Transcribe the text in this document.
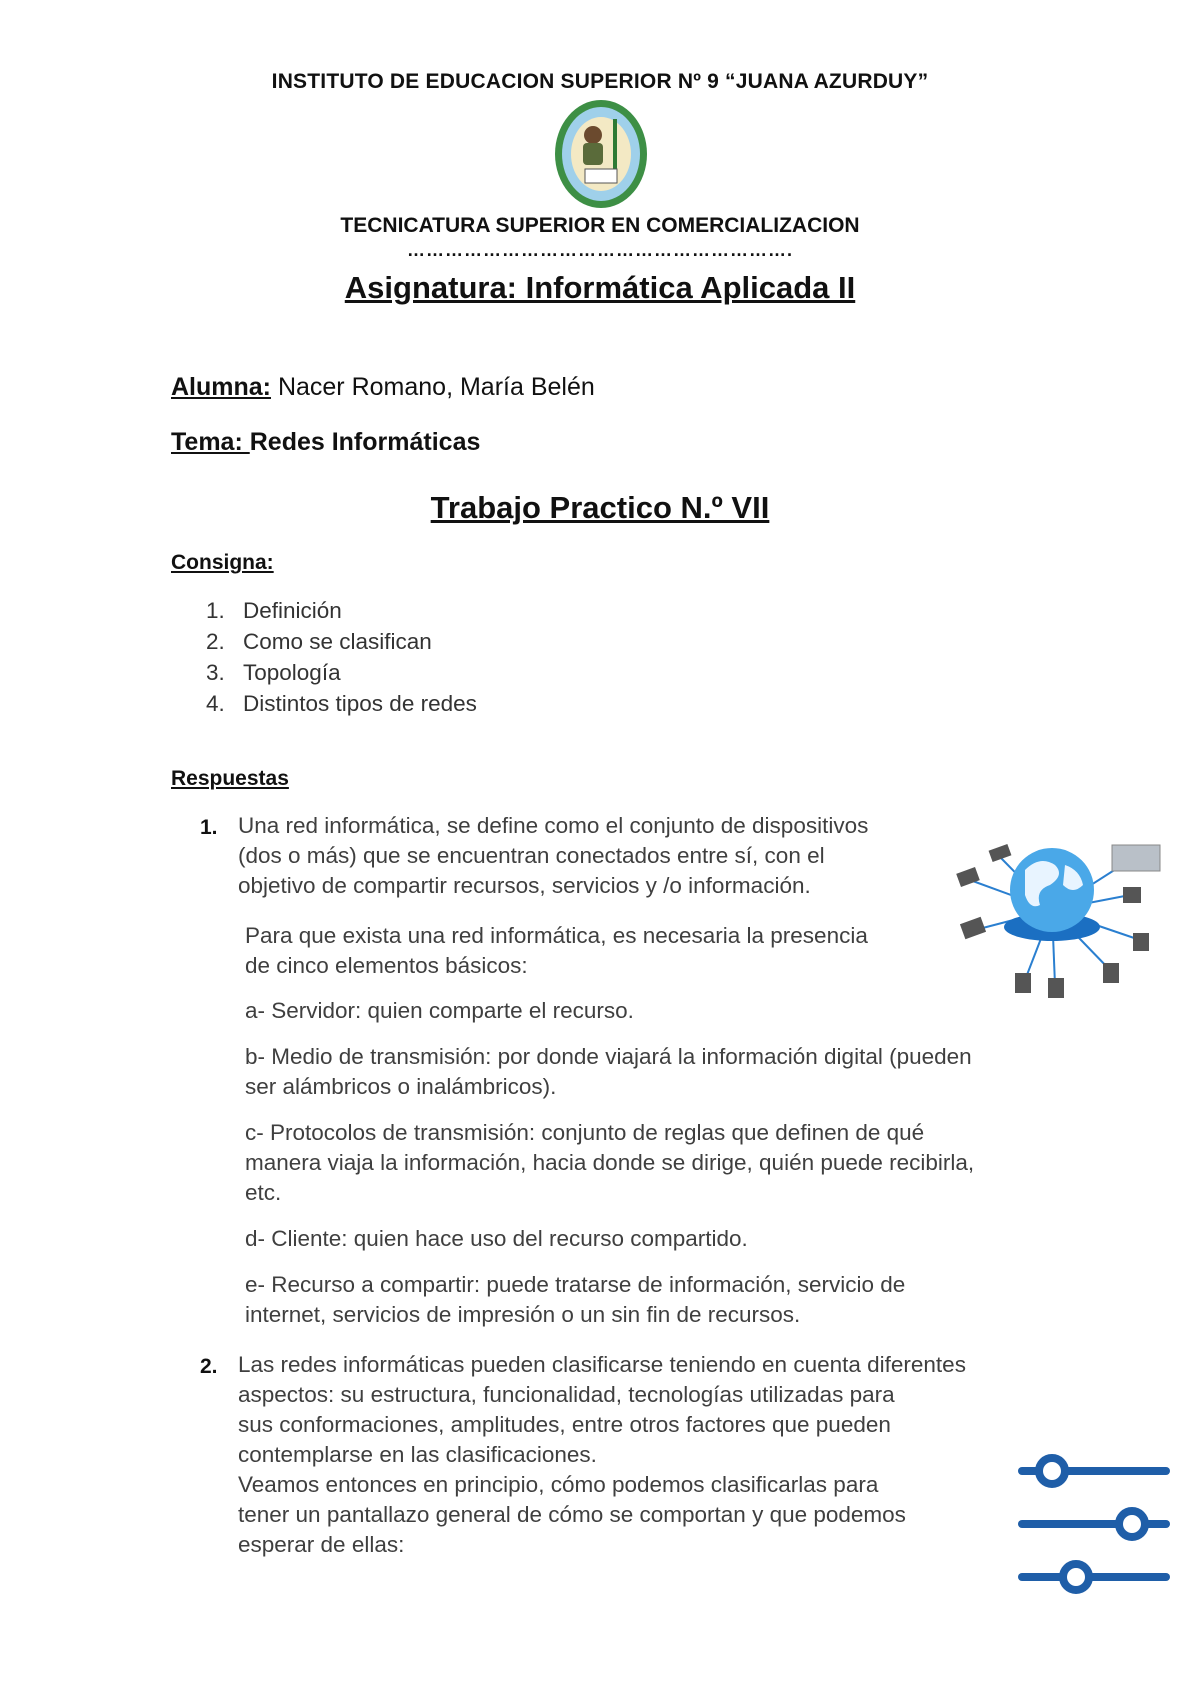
INSTITUTO DE EDUCACION SUPERIOR Nº 9 “JUANA AZURDUY”
TECNICATURA SUPERIOR EN COMERCIALIZACION
…………………………………………………….
Asignatura: Informática Aplicada II
Alumna: Nacer Romano, María Belén
Tema: Redes Informáticas
Trabajo Practico N.º VII
Consigna:
1. Definición
2. Como se clasifican
3. Topología
4. Distintos tipos de redes
Respuestas
1. Una red informática, se define como el conjunto de dispositivos
(dos o más) que se encuentran conectados entre sí, con el
objetivo de compartir recursos, servicios y /o información.
Para que exista una red informática, es necesaria la presencia
de cinco elementos básicos:
a- Servidor: quien comparte el recurso.
b- Medio de transmisión: por donde viajará la información digital (pueden
ser alámbricos o inalámbricos).
c- Protocolos de transmisión: conjunto de reglas que definen de qué
manera viaja la información, hacia donde se dirige, quién puede recibirla,
etc.
d- Cliente: quien hace uso del recurso compartido.
e- Recurso a compartir: puede tratarse de información, servicio de
internet, servicios de impresión o un sin fin de recursos.
2. Las redes informáticas pueden clasificarse teniendo en cuenta diferentes
aspectos: su estructura, funcionalidad, tecnologías utilizadas para
sus conformaciones, amplitudes, entre otros factores que pueden
contemplarse en las clasificaciones.
Veamos entonces en principio, cómo podemos clasificarlas para
tener un pantallazo general de cómo se comportan y que podemos
esperar de ellas:
